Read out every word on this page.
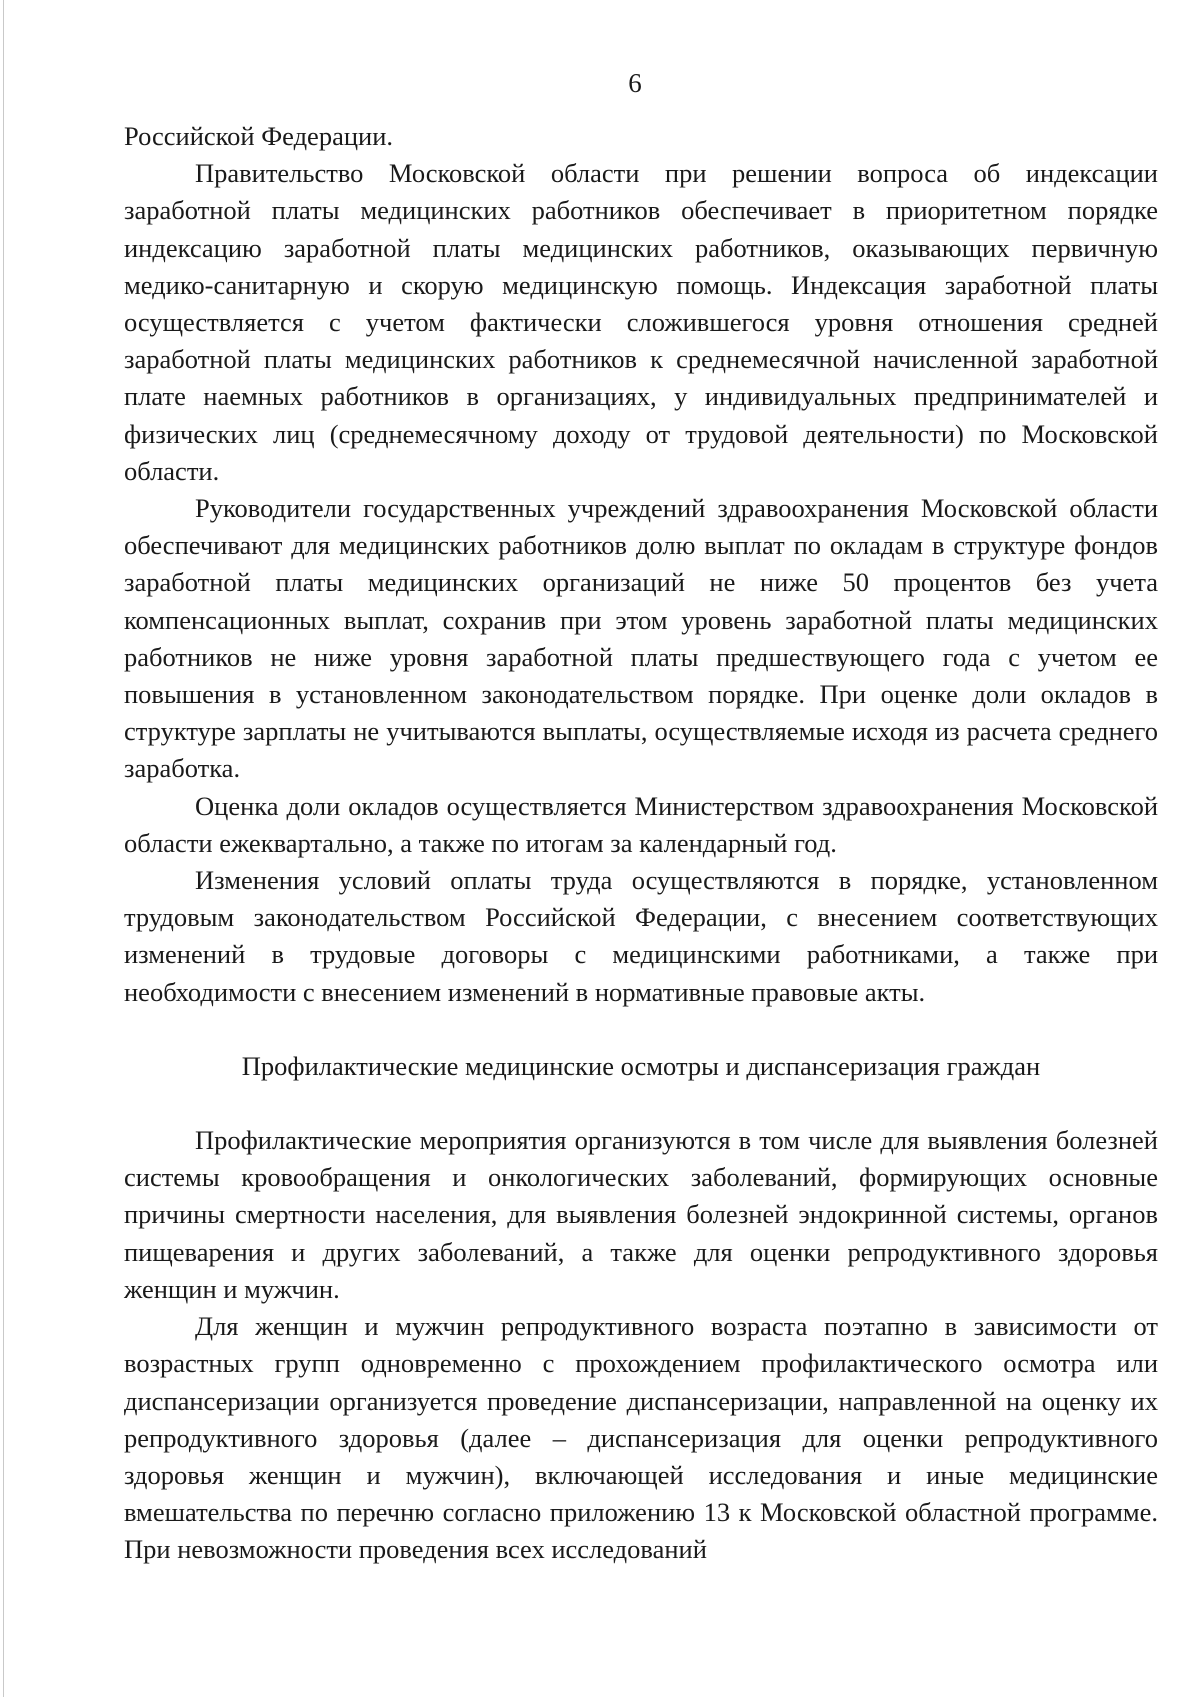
6

Российской Федерации.

Правительство Московской области при решении вопроса об индексации заработной платы медицинских работников обеспечивает в приоритетном порядке индексацию заработной платы медицинских работников, оказывающих первичную медико-санитарную и скорую медицинскую помощь. Индексация заработной платы осуществляется с учетом фактически сложившегося уровня отношения средней заработной платы медицинских работников к среднемесячной начисленной заработной плате наемных работников в организациях, у индивидуальных предпринимателей и физических лиц (среднемесячному доходу от трудовой деятельности) по Московской области.

Руководители государственных учреждений здравоохранения Московской области обеспечивают для медицинских работников долю выплат по окладам в структуре фондов заработной платы медицинских организаций не ниже 50 процентов без учета компенсационных выплат, сохранив при этом уровень заработной платы медицинских работников не ниже уровня заработной платы предшествующего года с учетом ее повышения в установленном законодательством порядке. При оценке доли окладов в структуре зарплаты не учитываются выплаты, осуществляемые исходя из расчета среднего заработка.

Оценка доли окладов осуществляется Министерством здравоохранения Московской области ежеквартально, а также по итогам за календарный год.

Изменения условий оплаты труда осуществляются в порядке, установленном трудовым законодательством Российской Федерации, с внесением соответствующих изменений в трудовые договоры с медицинскими работниками, а также при необходимости с внесением изменений в нормативные правовые акты.

Профилактические медицинские осмотры и диспансеризация граждан

Профилактические мероприятия организуются в том числе для выявления болезней системы кровообращения и онкологических заболеваний, формирующих основные причины смертности населения, для выявления болезней эндокринной системы, органов пищеварения и других заболеваний, а также для оценки репродуктивного здоровья женщин и мужчин.

Для женщин и мужчин репродуктивного возраста поэтапно в зависимости от возрастных групп одновременно с прохождением профилактического осмотра или диспансеризации организуется проведение диспансеризации, направленной на оценку их репродуктивного здоровья (далее – диспансеризация для оценки репродуктивного здоровья женщин и мужчин), включающей исследования и иные медицинские вмешательства по перечню согласно приложению 13 к Московской областной программе. При невозможности проведения всех исследований
